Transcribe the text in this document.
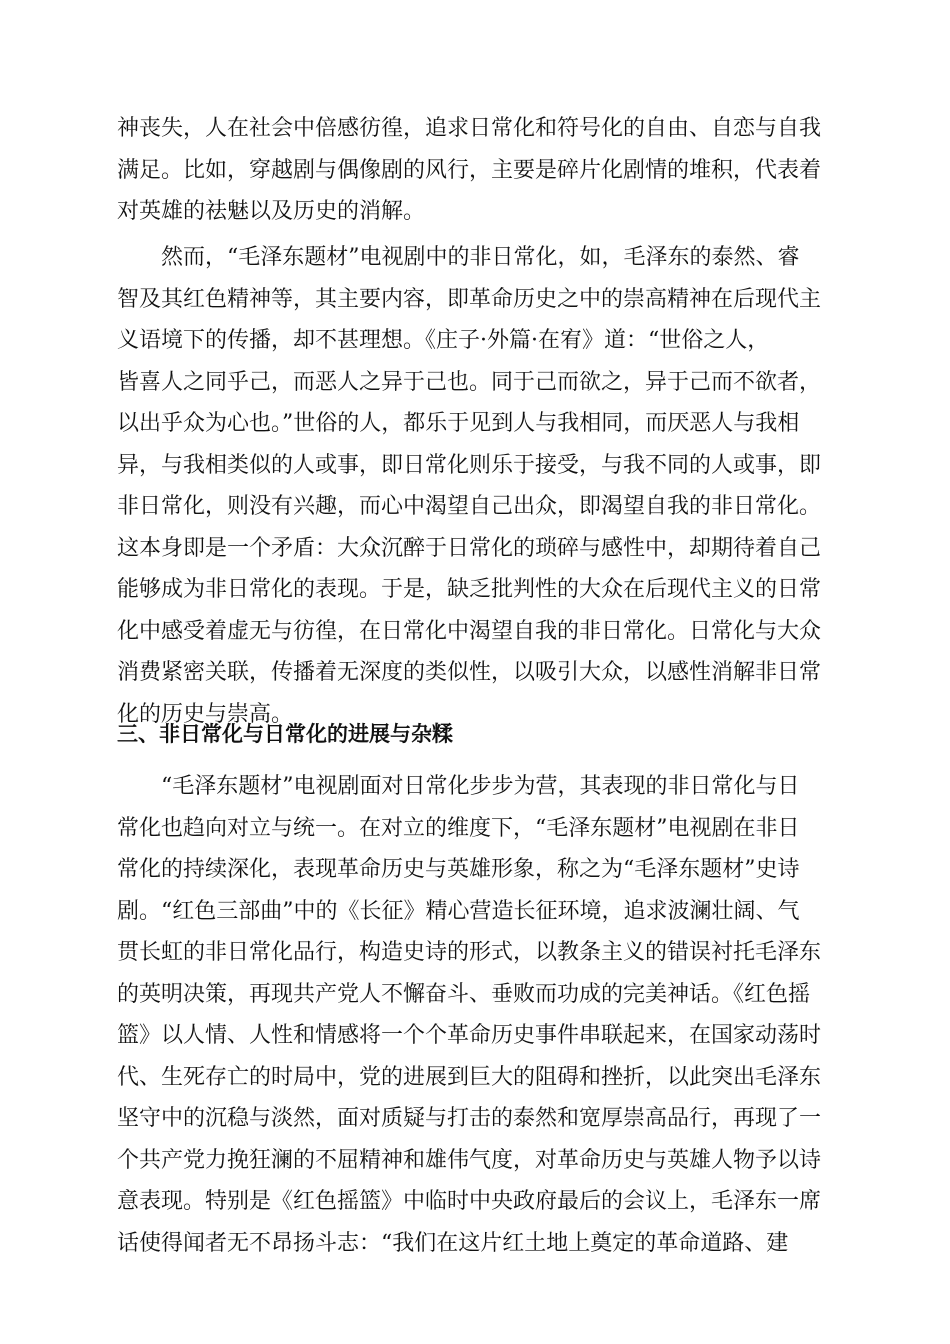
神丧失，人在社会中倍感彷徨，追求日常化和符号化的自由、自恋与自我
满足。比如，穿越剧与偶像剧的风行，主要是碎片化剧情的堆积，代表着
对英雄的祛魅以及历史的消解。
然而，“毛泽东题材”电视剧中的非日常化，如，毛泽东的泰然、睿
智及其红色精神等，其主要内容，即革命历史之中的崇高精神在后现代主
义语境下的传播，却不甚理想。《庄子·外篇·在宥》道：“世俗之人，
皆喜人之同乎己，而恶人之异于己也。同于己而欲之，异于己而不欲者，
以出乎众为心也。”世俗的人，都乐于见到人与我相同，而厌恶人与我相
异，与我相类似的人或事，即日常化则乐于接受，与我不同的人或事，即
非日常化，则没有兴趣，而心中渴望自己出众，即渴望自我的非日常化。
这本身即是一个矛盾：大众沉醉于日常化的琐碎与感性中，却期待着自己
能够成为非日常化的表现。于是，缺乏批判性的大众在后现代主义的日常
化中感受着虚无与彷徨，在日常化中渴望自我的非日常化。日常化与大众
消费紧密关联，传播着无深度的类似性，以吸引大众，以感性消解非日常
化的历史与崇高。
三、非日常化与日常化的进展与杂糅
“毛泽东题材”电视剧面对日常化步步为营，其表现的非日常化与日
常化也趋向对立与统一。在对立的维度下，“毛泽东题材”电视剧在非日
常化的持续深化，表现革命历史与英雄形象，称之为“毛泽东题材”史诗
剧。“红色三部曲”中的《长征》精心营造长征环境，追求波澜壮阔、气
贯长虹的非日常化品行，构造史诗的形式，以教条主义的错误衬托毛泽东
的英明决策，再现共产党人不懈奋斗、垂败而功成的完美神话。《红色摇
篮》以人情、人性和情感将一个个革命历史事件串联起来，在国家动荡时
代、生死存亡的时局中，党的进展到巨大的阻碍和挫折，以此突出毛泽东
坚守中的沉稳与淡然，面对质疑与打击的泰然和宽厚崇高品行，再现了一
个共产党力挽狂澜的不屈精神和雄伟气度，对革命历史与英雄人物予以诗
意表现。特别是《红色摇篮》中临时中央政府最后的会议上，毛泽东一席
话使得闻者无不昂扬斗志：“我们在这片红土地上奠定的革命道路、建
